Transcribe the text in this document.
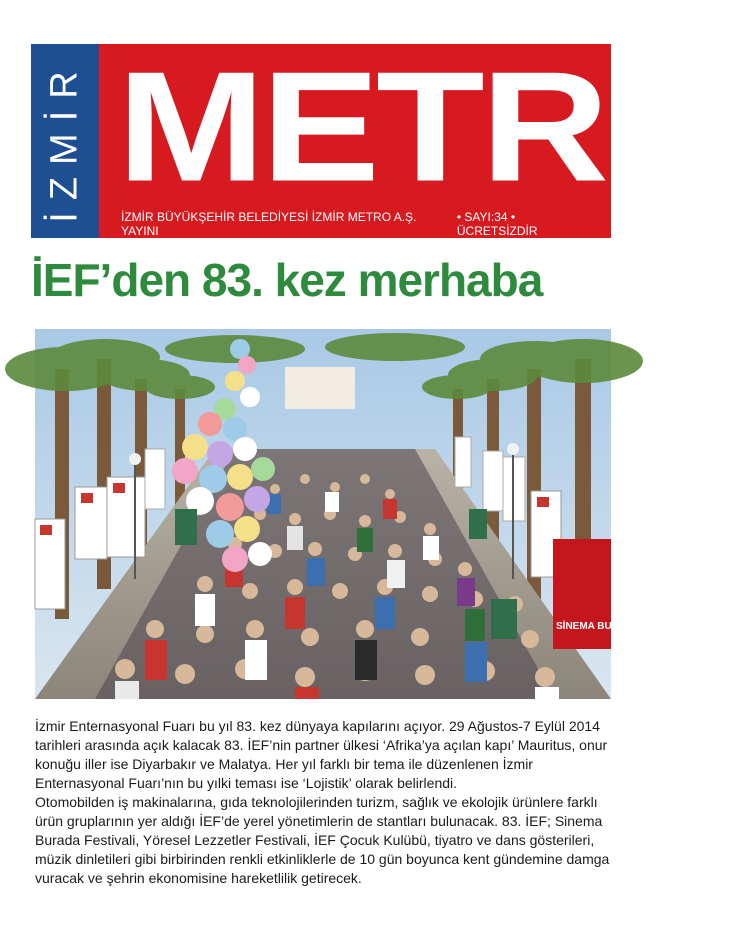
İZMİR METRO
İZMİR BÜYÜKŞEHİR BELEDİYESİ İZMİR METRO A.Ş. YAYINI
• SAYI:34 • ÜCRETSİZDİR
İEF’den 83. kez merhaba
SİNEMA BURADA

İzmir Enternasyonal Fuarı bu yıl 83. kez dünyaya kapılarını açıyor. 29 Ağustos-7 Eylül 2014 tarihleri arasında açık kalacak 83. İEF’nin partner ülkesi ‘Afrika’ya açılan kapı’ Mauritus, onur konuğu iller ise Diyarbakır ve Malatya. Her yıl farklı bir tema ile düzenlenen İzmir Enternasyonal Fuarı’nın bu yılki teması ise ‘Lojistik’ olarak belirlendi.

Otomobilden iş makinalarına, gıda teknolojilerinden turizm, sağlık ve ekolojik ürünlere farklı ürün gruplarının yer aldığı İEF’de yerel yönetimlerin de stantları bulunacak. 83. İEF; Sinema Burada Festivali, Yöresel Lezzetler Festivali, İEF Çocuk Kulübü, tiyatro ve dans gösterileri, müzik dinletileri gibi birbirinden renkli etkinliklerle de 10 gün boyunca kent gündemine damga vuracak ve şehrin ekonomisine hareketlilik getirecek.
